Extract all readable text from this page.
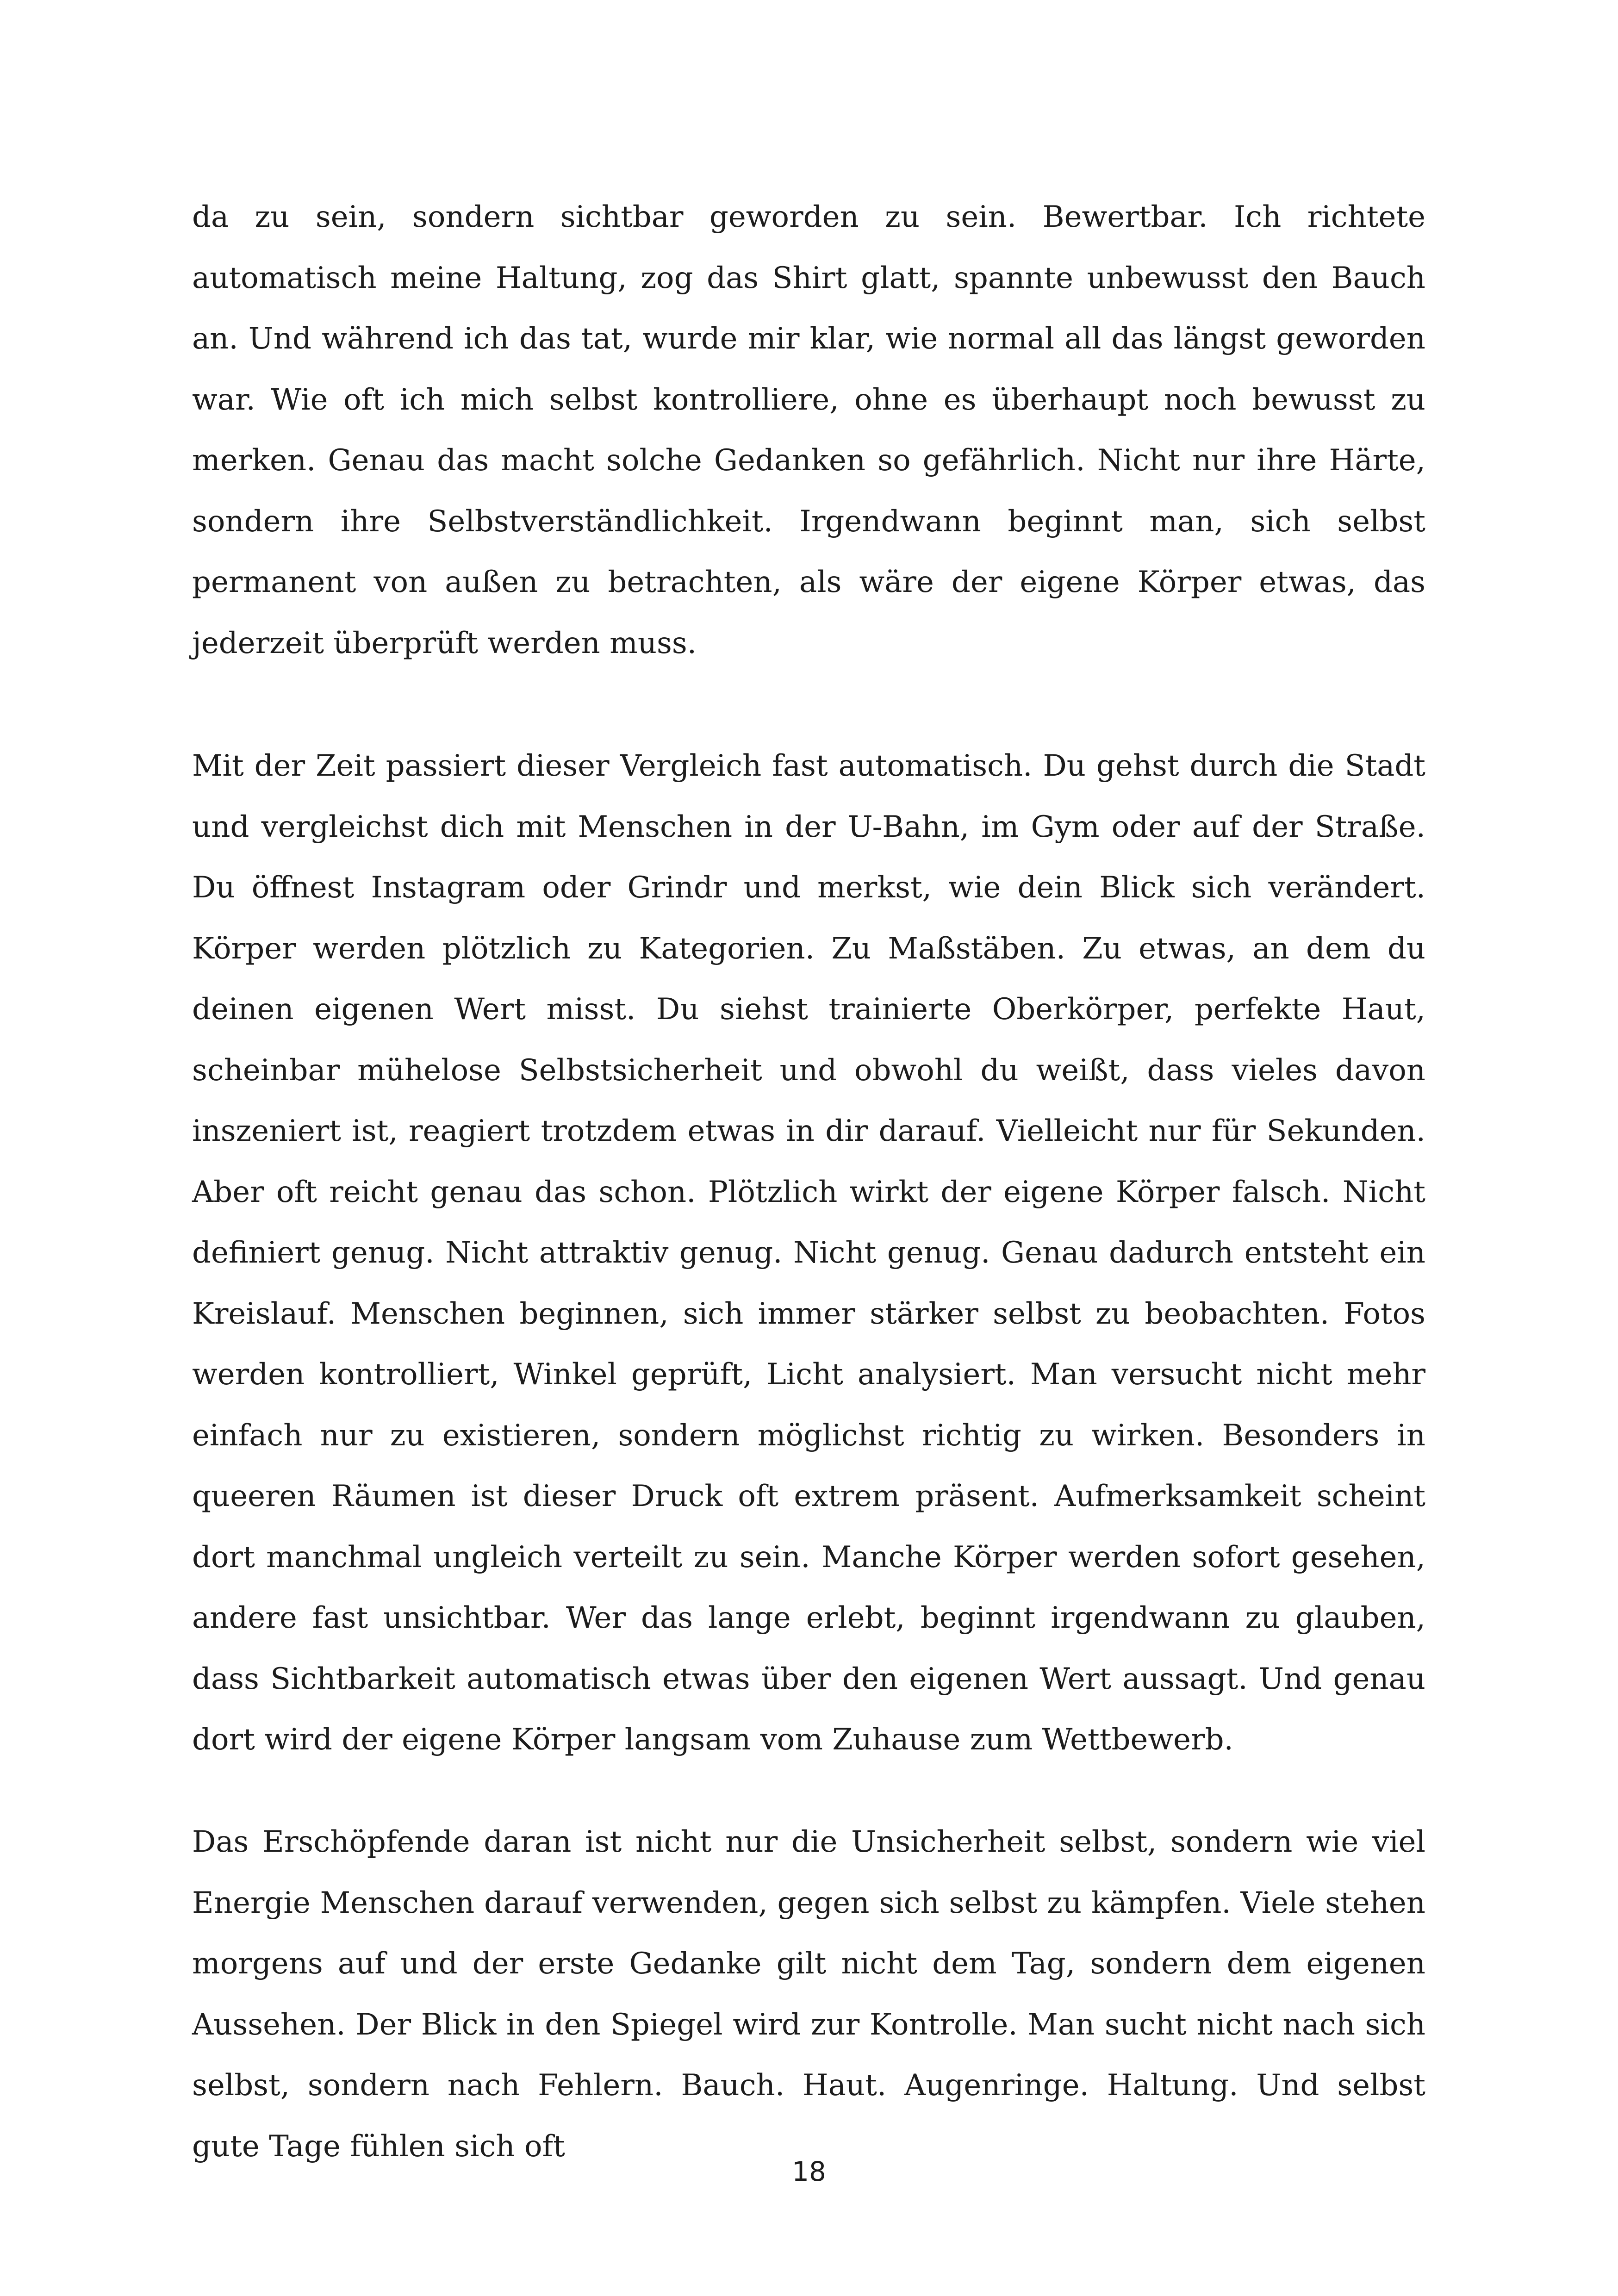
da zu sein, sondern sichtbar geworden zu sein. Bewertbar. Ich richtete automatisch meine Haltung, zog das Shirt glatt, spannte unbewusst den Bauch an. Und während ich das tat, wurde mir klar, wie normal all das längst geworden war. Wie oft ich mich selbst kontrolliere, ohne es überhaupt noch bewusst zu merken. Genau das macht solche Gedanken so gefährlich. Nicht nur ihre Härte, sondern ihre Selbstverständlichkeit. Irgendwann beginnt man, sich selbst permanent von außen zu betrachten, als wäre der eigene Körper etwas, das jederzeit überprüft werden muss.

Mit der Zeit passiert dieser Vergleich fast automatisch. Du gehst durch die Stadt und vergleichst dich mit Menschen in der U-Bahn, im Gym oder auf der Straße. Du öffnest Instagram oder Grindr und merkst, wie dein Blick sich verändert. Körper werden plötzlich zu Kategorien. Zu Maßstäben. Zu etwas, an dem du deinen eigenen Wert misst. Du siehst trainierte Oberkörper, perfekte Haut, scheinbar mühelose Selbstsicherheit und obwohl du weißt, dass vieles davon inszeniert ist, reagiert trotzdem etwas in dir darauf. Vielleicht nur für Sekunden. Aber oft reicht genau das schon. Plötzlich wirkt der eigene Körper falsch. Nicht definiert genug. Nicht attraktiv genug. Nicht genug. Genau dadurch entsteht ein Kreislauf. Menschen beginnen, sich immer stärker selbst zu beobachten. Fotos werden kontrolliert, Winkel geprüft, Licht analysiert. Man versucht nicht mehr einfach nur zu existieren, sondern möglichst richtig zu wirken. Besonders in queeren Räumen ist dieser Druck oft extrem präsent. Aufmerksamkeit scheint dort manchmal ungleich verteilt zu sein. Manche Körper werden sofort gesehen, andere fast unsichtbar. Wer das lange erlebt, beginnt irgendwann zu glauben, dass Sichtbarkeit automatisch etwas über den eigenen Wert aussagt. Und genau dort wird der eigene Körper langsam vom Zuhause zum Wettbewerb.

Das Erschöpfende daran ist nicht nur die Unsicherheit selbst, sondern wie viel Energie Menschen darauf verwenden, gegen sich selbst zu kämpfen. Viele stehen morgens auf und der erste Gedanke gilt nicht dem Tag, sondern dem eigenen Aussehen. Der Blick in den Spiegel wird zur Kontrolle. Man sucht nicht nach sich selbst, sondern nach Fehlern. Bauch. Haut. Augenringe. Haltung. Und selbst gute Tage fühlen sich oft

18
